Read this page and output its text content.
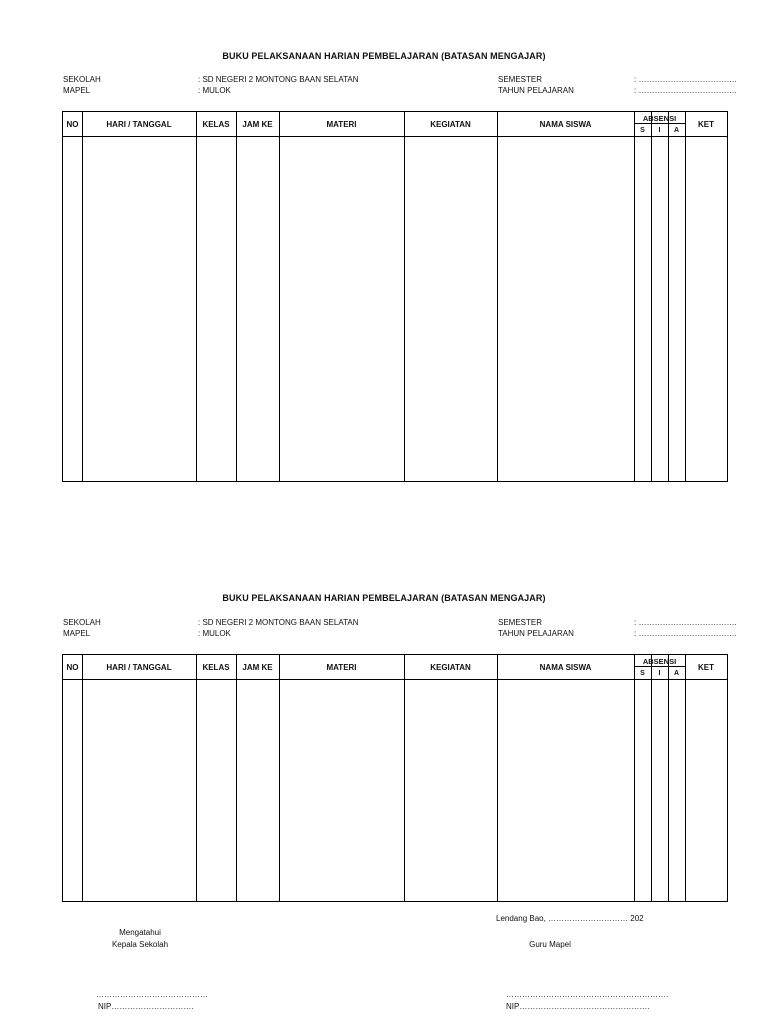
BUKU PELAKSANAAN HARIAN PEMBELAJARAN (BATASAN MENGAJAR)
SEKOLAH	: SD NEGERI 2 MONTONG BAAN SELATAN
MAPEL	: MULOK
SEMESTER	: ……………………………….
TAHUN PELAJARAN	: ……………………………….
NO	HARI / TANGGAL	KELAS	JAM KE	MATERI	KEGIATAN	NAMA SISWA
ABSENSI
S	I	A
KET
BUKU PELAKSANAAN HARIAN PEMBELAJARAN (BATASAN MENGAJAR)
SEKOLAH	: SD NEGERI 2 MONTONG BAAN SELATAN
MAPEL	: MULOK
SEMESTER	: ……………………………….
TAHUN PELAJARAN	: ……………………………….
NO	HARI / TANGGAL	KELAS	JAM KE	MATERI	KEGIATAN	NAMA SISWA
ABSENSI
S	I	A
KET
Lendang Bao, ………………………… 202
Mengatahui
Kepala Sekolah	Guru Mapel
……………………………………
NIP………………………….
…………………………………………………….
NIP………………………………………….
